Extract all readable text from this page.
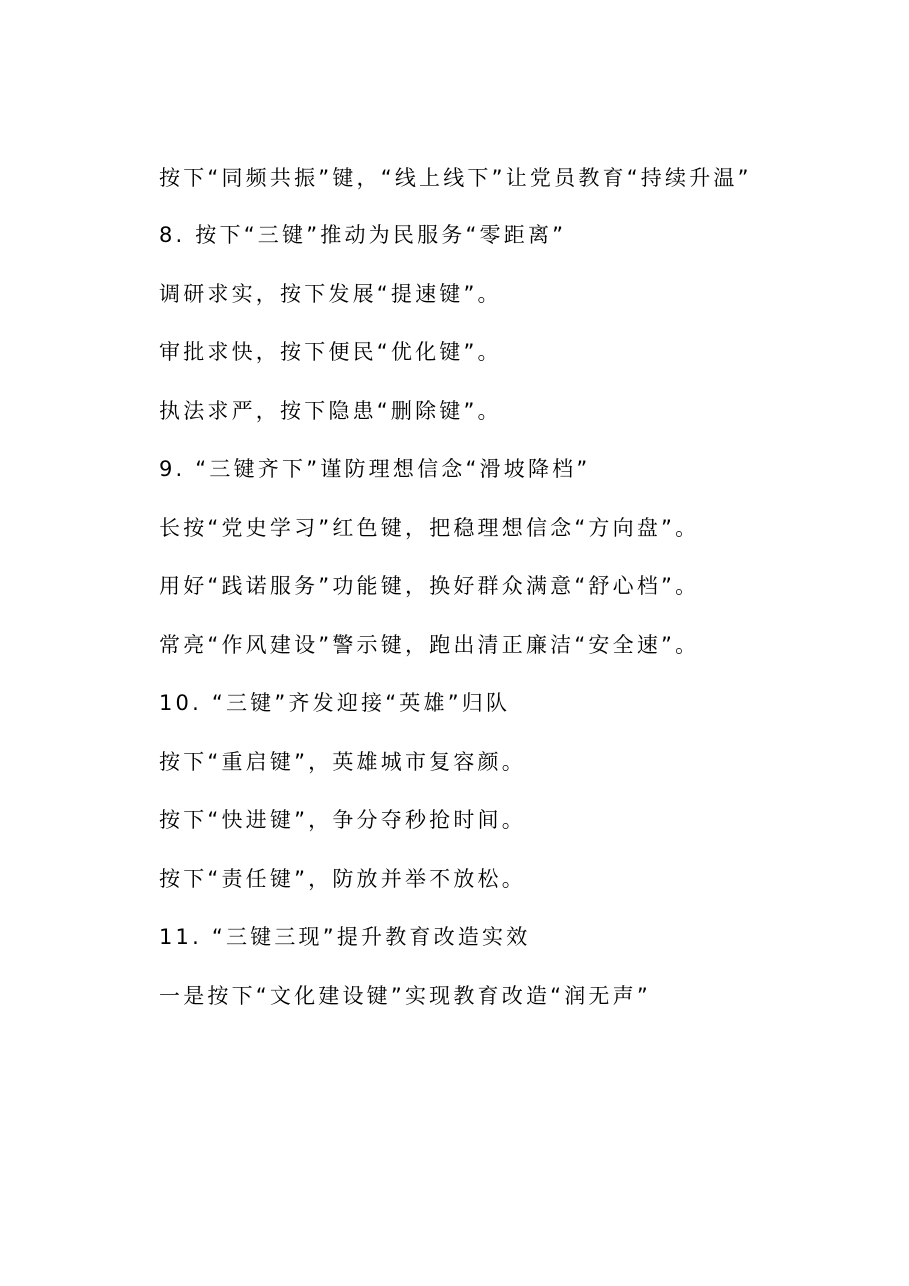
按下“同频共振”键，“线上线下”让党员教育“持续升温”

8. 按下“三键”推动为民服务“零距离”

调研求实，按下发展“提速键”。

审批求快，按下便民“优化键”。

执法求严，按下隐患“删除键”。

9. “三键齐下”谨防理想信念“滑坡降档”

长按“党史学习”红色键，把稳理想信念“方向盘”。

用好“践诺服务”功能键，换好群众满意“舒心档”。

常亮“作风建设”警示键，跑出清正廉洁“安全速”。

10. “三键”齐发迎接“英雄”归队

按下“重启键”，英雄城市复容颜。

按下“快进键”，争分夺秒抢时间。

按下“责任键”，防放并举不放松。

11. “三键三现”提升教育改造实效

一是按下“文化建设键”实现教育改造“润无声”
